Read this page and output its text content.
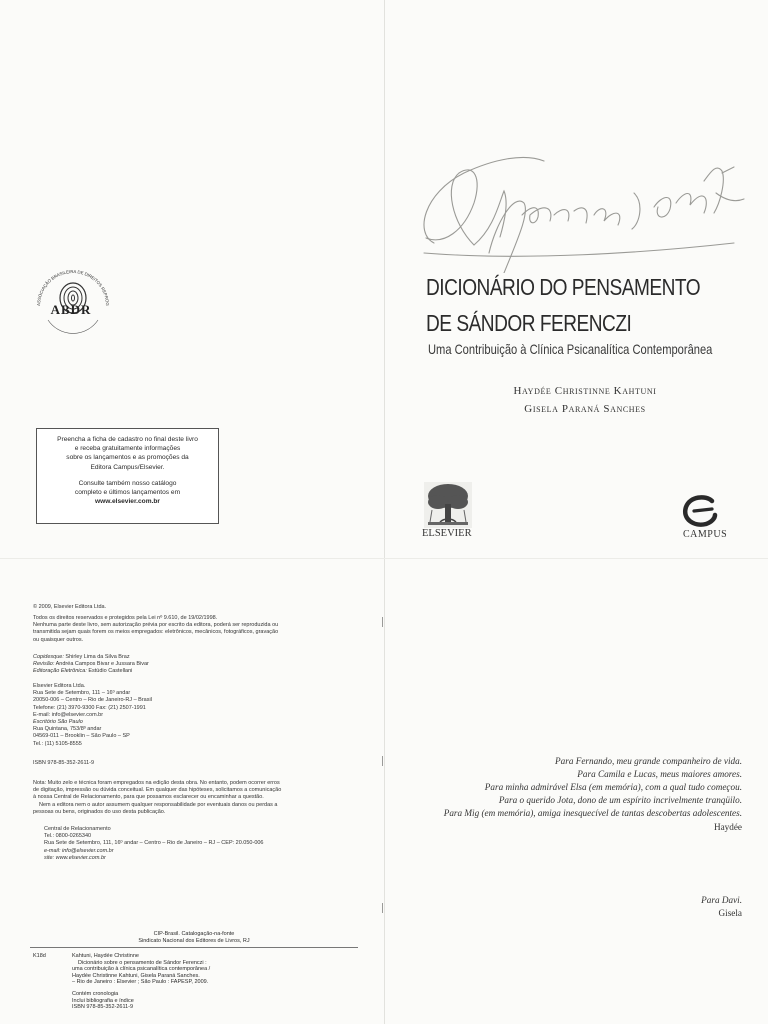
ASSOCIAÇÃO BRASILEIRA DE DIREITOS REPROG
ABDR

Preencha a ficha de cadastro no final deste livro

e receba gratuitamente informações

sobre os lançamentos e as promoções da

Editora Campus/Elsevier.

Consulte também nosso catálogo

completo e últimos lançamentos em

www.elsevier.com.br

DICIONÁRIO DO PENSAMENTO
DE SÁNDOR FERENCZI
Uma Contribuição à Clínica Psicanalítica Contemporânea
Haydée Christinne Kahtuni
Gisela Paraná Sanches
ELSEVIER	CAMPUS
© 2009, Elsevier Editora Ltda.

Todos os direitos reservados e protegidos pela Lei nº 9.610, de 19/02/1998.

Nenhuma parte deste livro, sem autorização prévia por escrito da editora, poderá ser reproduzida ou

transmitida sejam quais forem os meios empregados: eletrônicos, mecânicos, fotográficos, gravação

ou quaisquer outros.

Copidesque: Shirley Lima da Silva Braz

Revisão: Andréa Campos Bivar e Jussara Bivar

Editoração Eletrônica: Estúdio Castellani

Elsevier Editora Ltda.

Rua Sete de Setembro, 111 – 16º andar

20050-006 – Centro – Rio de Janeiro-RJ – Brasil

Telefone: (21) 3970-9300 Fax: (21) 2507-1991

E-mail: info@elsevier.com.br

Escritório São Paulo

Rua Quintana, 753/8º andar

04569-011 – Brooklin – São Paulo – SP

Tel.: (11) 5105-8555

ISBN 978-85-352-2611-9

Nota: Muito zelo e técnica foram empregados na edição desta obra. No entanto, podem ocorrer erros

de digitação, impressão ou dúvida conceitual. Em qualquer das hipóteses, solicitamos a comunicação

à nossa Central de Relacionamento, para que possamos esclarecer ou encaminhar a questão.

Nem a editora nem o autor assumem qualquer responsabilidade por eventuais danos ou perdas a

pessoas ou bens, originados do uso desta publicação.

Central de Relacionamento

Tel.: 0800-0265340

Rua Sete de Setembro, 111, 16º andar – Centro – Rio de Janeiro – RJ – CEP: 20.050-006

e-mail: info@elsevier.com.br

site: www.elsevier.com.br

CIP-Brasil. Catalogação-na-fonte
Sindicato Nacional dos Editores de Livros, RJ
K18d	Kahtuni, Haydée Christinne

Dicionário sobre o pensamento de Sándor Ferenczi :

uma contribuição à clínica psicanalítica contemporânea /

Haydée Christinne Kahtuni, Gisela Paraná Sanches.

– Rio de Janeiro : Elsevier ; São Paulo : FAPESP, 2009.

Contém cronologia

Inclui bibliografia e índice

ISBN 978-85-352-2611-9

Para Fernando, meu grande companheiro de vida.
Para Camila e Lucas, meus maiores amores.
Para minha admirável Elsa (em memória), com a qual tudo começou.
Para o querido Jota, dono de um espírito incrivelmente tranqüilo.
Para Mig (em memória), amiga inesquecível de tantas descobertas adolescentes.
Haydée
Para Davi.
Gisela
